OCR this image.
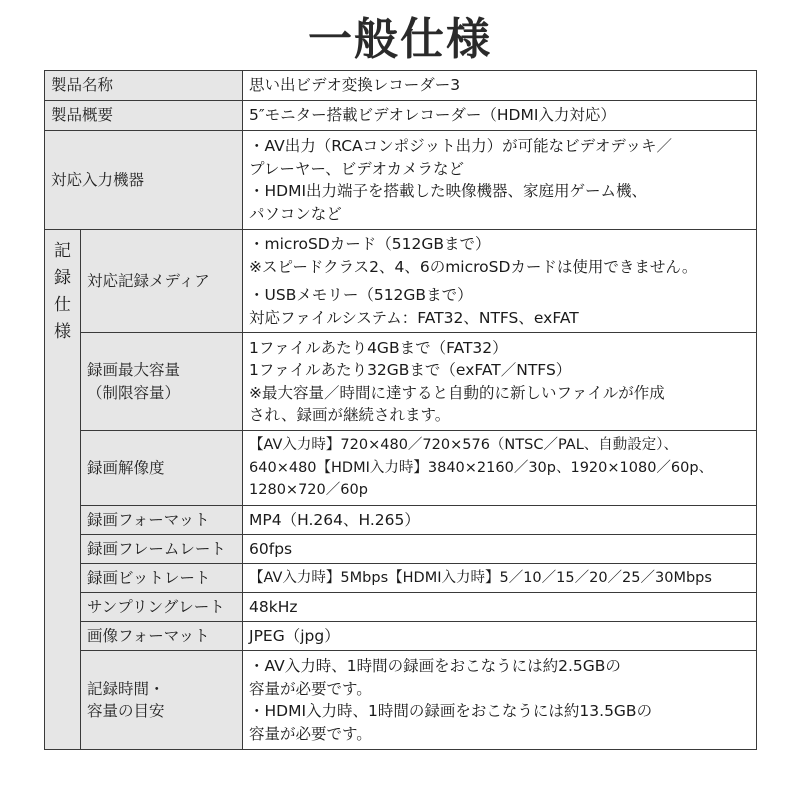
一般仕様
製品名称		思い出ビデオ変換レコーダー3
製品概要		5″モニター搭載ビデオレコーダー（HDMI入力対応）
対応入力機器		・AV出力（RCAコンポジット出力）が可能なビデオデッキ／
プレーヤー、ビデオカメラなど
・HDMI出力端子を搭載した映像機器、家庭用ゲーム機、
パソコンなど

記
録
仕
様	対応記録メディア	・microSDカード（512GBまで）
※スピードクラス2、4、6のmicroSDカードは使用できません。
・USBメモリー（512GBまで）
対応ファイルシステム：FAT32、NTFS、exFAT

	録画最大容量
（制限容量）	1ファイルあたり4GBまで（FAT32）
1ファイルあたり32GBまで（exFAT／NTFS）
※最大容量／時間に達すると自動的に新しいファイルが作成
され、録画が継続されます。

	録画解像度	【AV入力時】720×480／720×576（NTSC／PAL、自動設定）、
640×480【HDMI入力時】3840×2160／30p、1920×1080／60p、
1280×720／60p

	録画フォーマット	MP4（H.264、H.265）
	録画フレームレート	60fps
	録画ビットレート	【AV入力時】5Mbps【HDMI入力時】5／10／15／20／25／30Mbps

	サンプリングレート	48kHz
	画像フォーマット	JPEG（jpg）

	記録時間・
容量の目安	・AV入力時、1時間の録画をおこなうには約2.5GBの
容量が必要です。
・HDMI入力時、1時間の録画をおこなうには約13.5GBの
容量が必要です。
